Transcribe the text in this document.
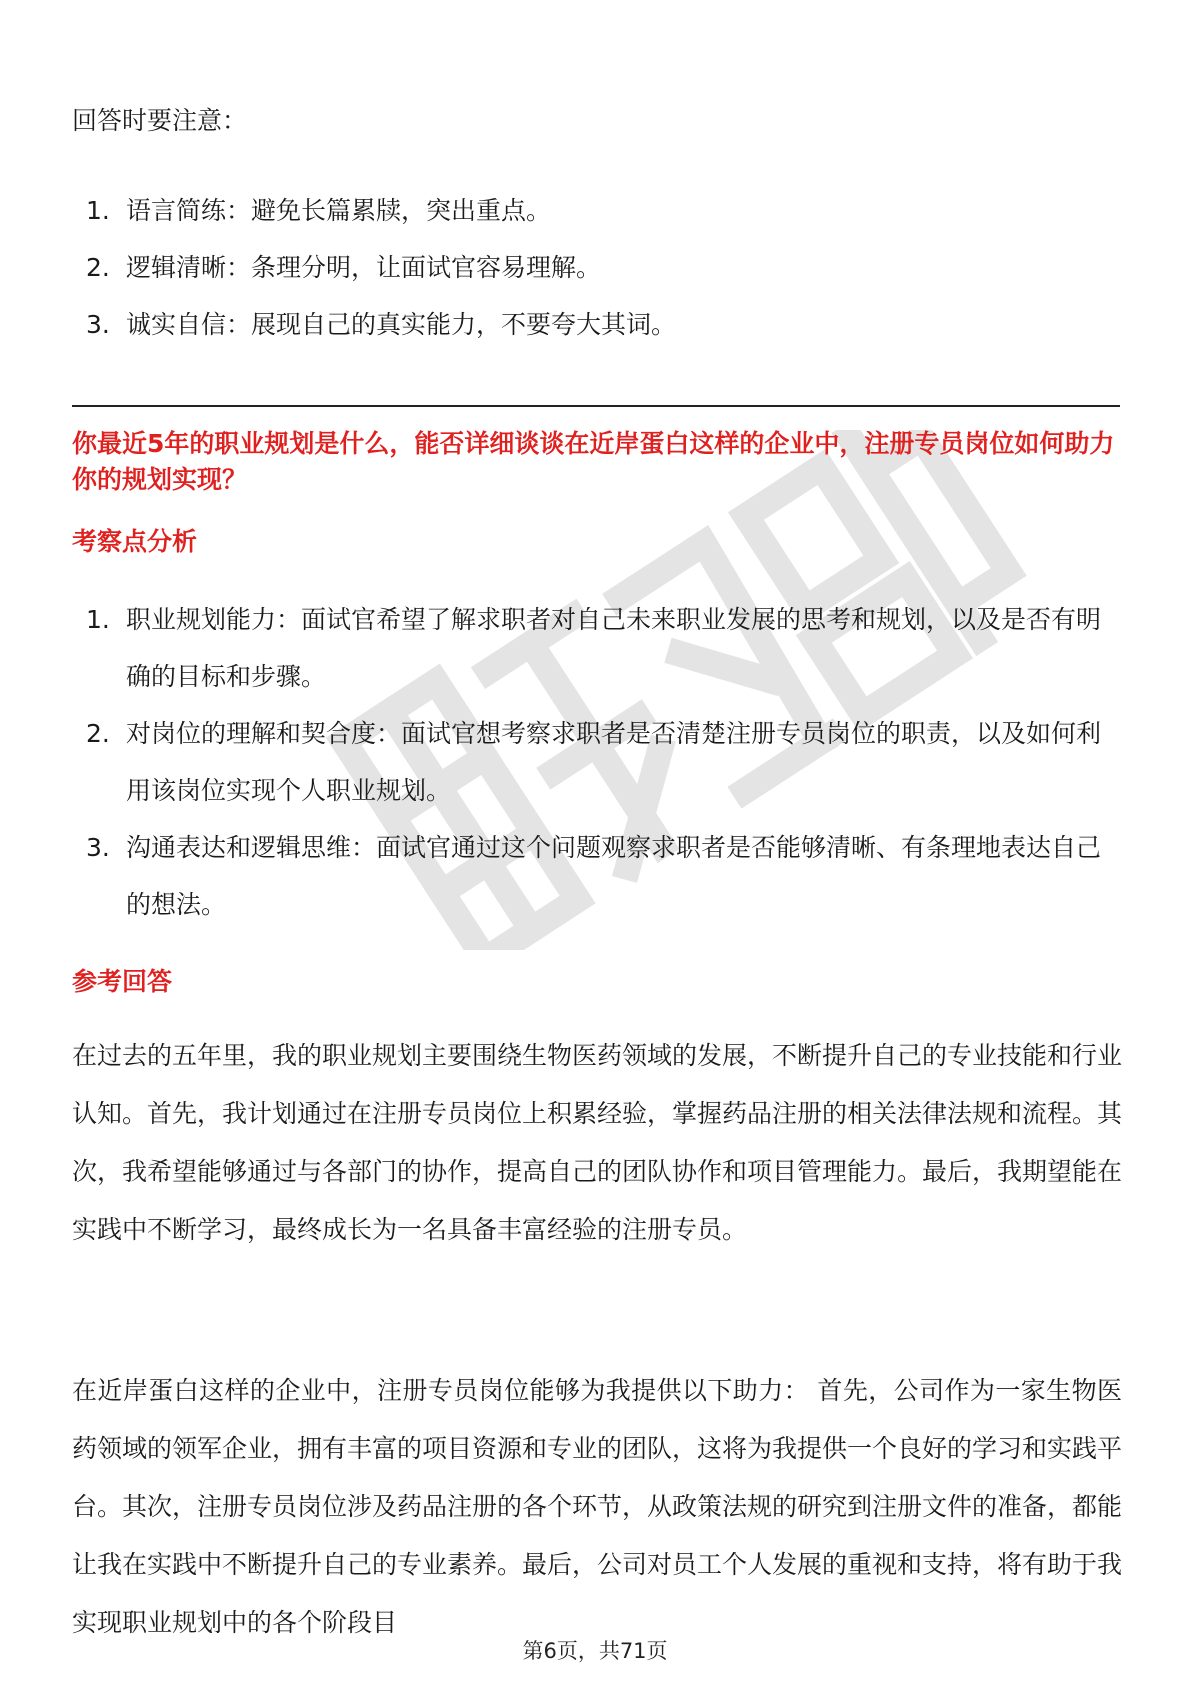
回答时要注意：

1. 语言简练：避免长篇累牍，突出重点。
2. 逻辑清晰：条理分明，让面试官容易理解。
3. 诚实自信：展现自己的真实能力，不要夸大其词。
你最近5年的职业规划是什么，能否详细谈谈在近岸蛋白这样的企业中，注册专员岗位如何助力你的规划实现？
考察点分析
1. 职业规划能力：面试官希望了解求职者对自己未来职业发展的思考和规划，以及是否有明确的目标和步骤。
2. 对岗位的理解和契合度：面试官想考察求职者是否清楚注册专员岗位的职责，以及如何利用该岗位实现个人职业规划。
3. 沟通表达和逻辑思维：面试官通过这个问题观察求职者是否能够清晰、有条理地表达自己的想法。
参考回答

在过去的五年里，我的职业规划主要围绕生物医药领域的发展，不断提升自己的专业技能和行业认知。首先，我计划通过在注册专员岗位上积累经验，掌握药品注册的相关法律法规和流程。其次，我希望能够通过与各部门的协作，提高自己的团队协作和项目管理能力。最后，我期望能在实践中不断学习，最终成长为一名具备丰富经验的注册专员。

在近岸蛋白这样的企业中，注册专员岗位能够为我提供以下助力： 首先，公司作为一家生物医药领域的领军企业，拥有丰富的项目资源和专业的团队，这将为我提供一个良好的学习和实践平台。其次，注册专员岗位涉及药品注册的各个环节，从政策法规的研究到注册文件的准备，都能让我在实践中不断提升自己的专业素养。最后，公司对员工个人发展的重视和支持，将有助于我实现职业规划中的各个阶段目

第6页，共71页
